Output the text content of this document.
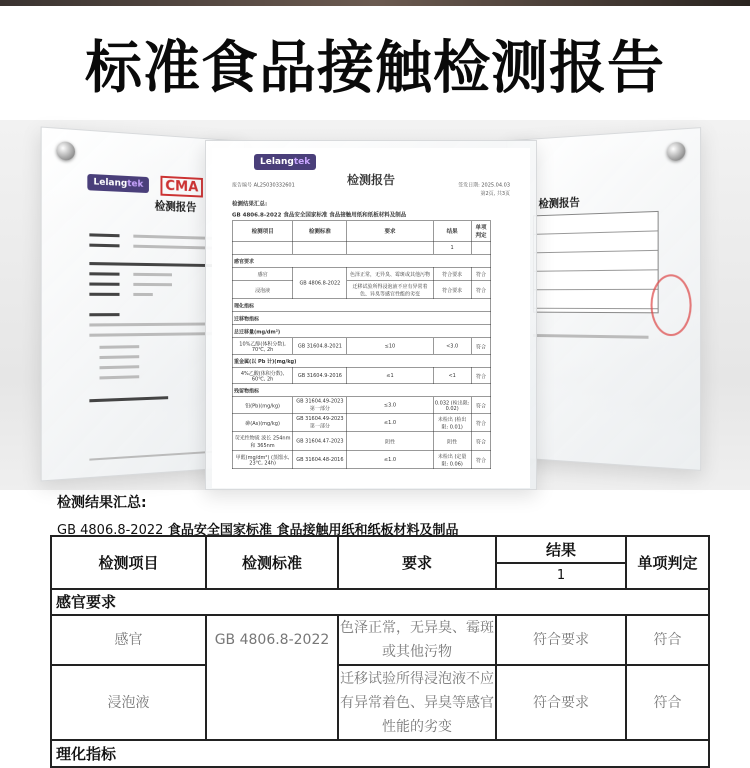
标准食品接触检测报告
Lelangtek	CMA
检测报告	检测报告
Lelangtek
检测报告
报告编号 AL25030332601	签发日期: 2025.04.03
第2页, 共3页
检测结果汇总:
GB 4806.8-2022 食品安全国家标准 食品接触用纸和纸板材料及制品
检测项目	检测标准	要求	结果	单项判定
			1	
感官要求				
感官	GB 4806.8-2022	色泽正常，无异臭、霉斑或其他污物	符合要求	符合
浸泡液		迁移试验所得浸泡液不应有异常着色、异臭等感官性能的劣变	符合要求	符合
理化指标				
迁移物指标				
总迁移量(mg/dm²)				
10%乙醇(体积分数), 70℃, 2h	GB 31604.8-2021	≤10	<3.0	符合
重金属(以 Pb 计)(mg/kg)				
4%乙酸(体积分数), 60℃, 2h	GB 31604.9-2016	≤1	<1	符合
残留物指标				
铅(Pb)(mg/kg)	GB 31604.49-2023 第一部分	≤3.0	0.032 (检出限: 0.02)	符合
砷(As)(mg/kg)	GB 31604.49-2023 第一部分	≤1.0	未检出 (检出限: 0.01)	符合
荧光性物质 波长 254nm 和 365nm	GB 31604.47-2023	阴性	阴性	符合
甲醛(mg/dm²) (蒸馏水, 23℃, 24h)	GB 31604.48-2016	≤1.0	未检出 (定量限: 0.06)	符合
检测结果汇总:
GB 4806.8-2022 食品安全国家标准 食品接触用纸和纸板材料及制品
检测项目	检测标准	要求	结果	单项判定
			1	
感官要求				
感官	GB 4806.8-2022	色泽正常，无异臭、霉斑或其他污物	符合要求	符合
浸泡液		迁移试验所得浸泡液不应有异常着色、异臭等感官性能的劣变	符合要求	符合
理化指标				
